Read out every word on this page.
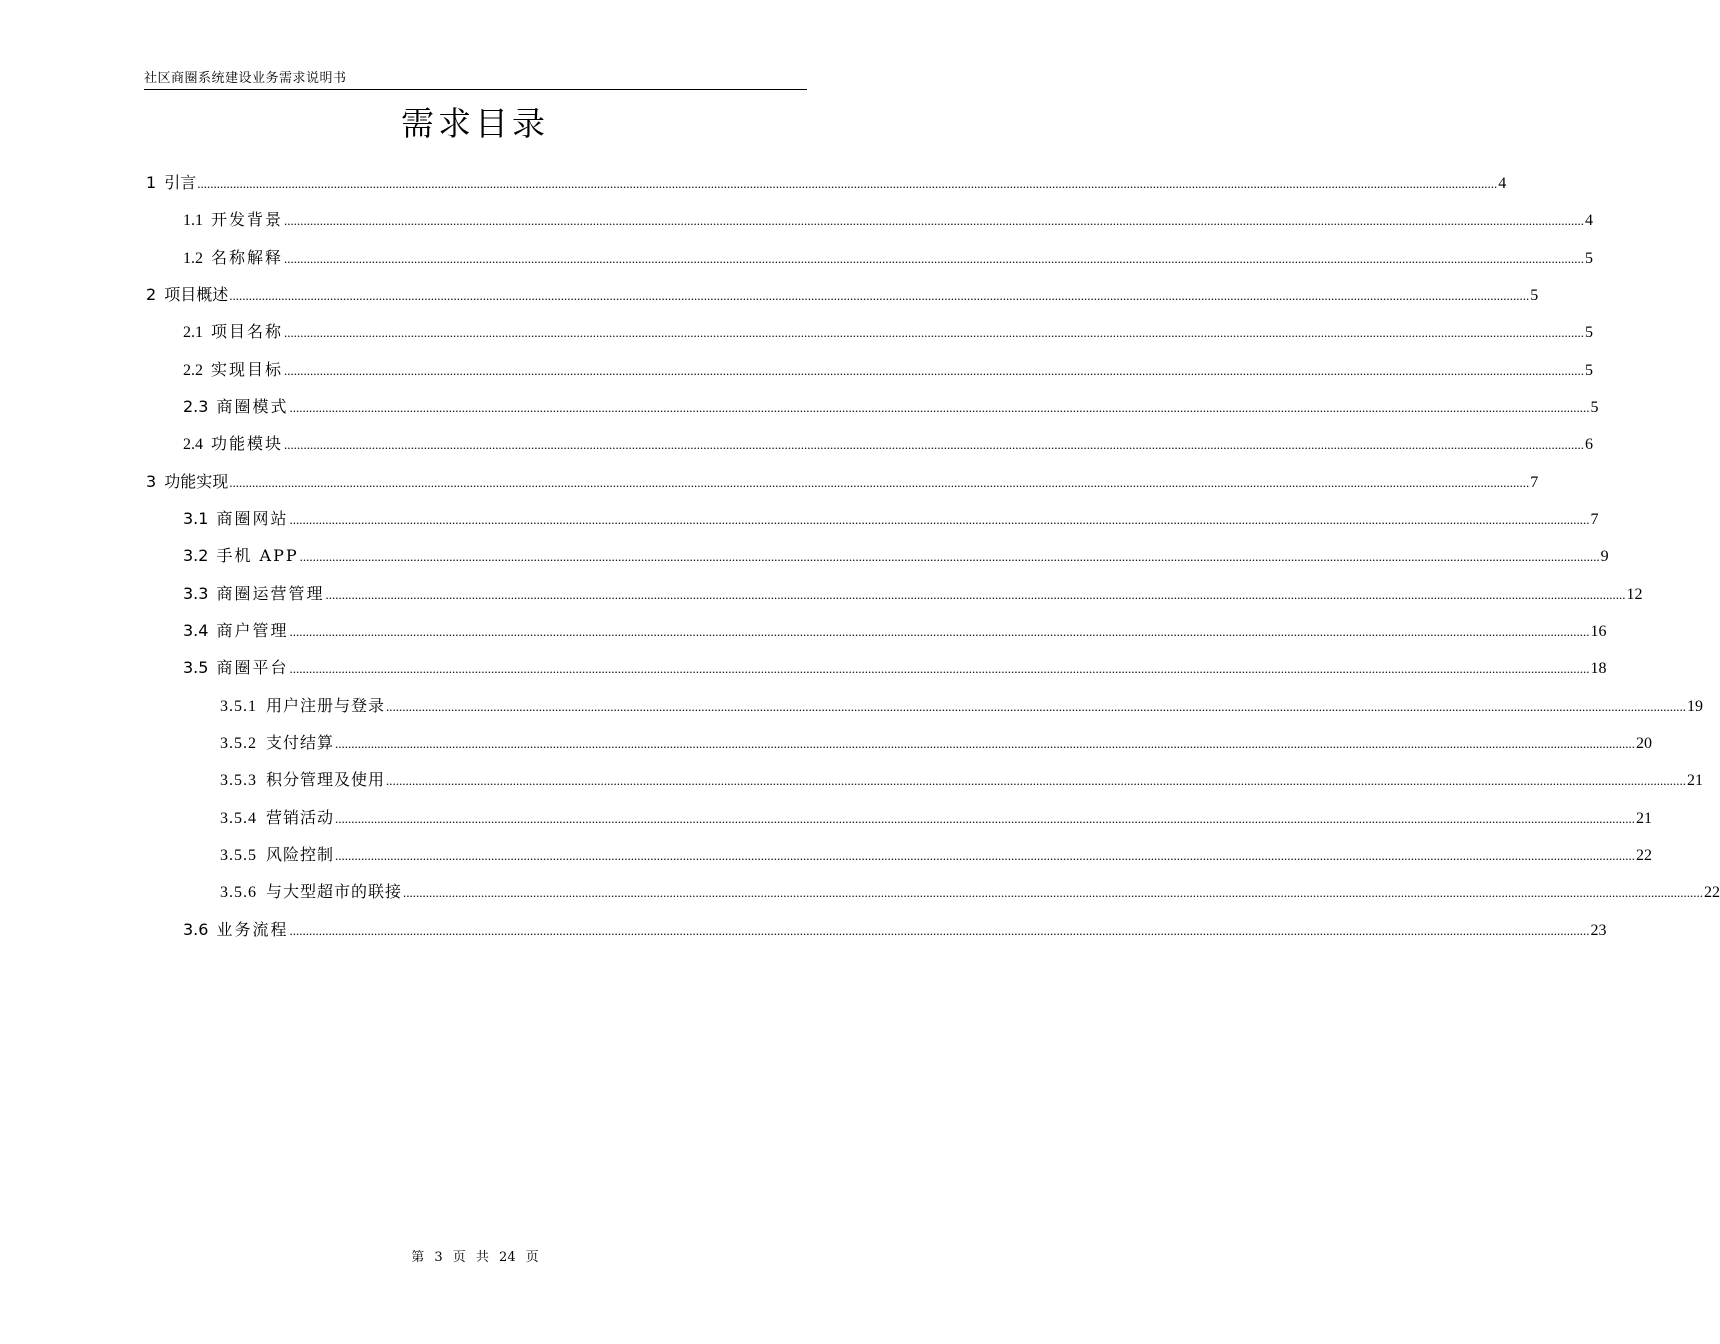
社区商圈系统建设业务需求说明书
需求目录
1  引言 ................................................................................................................................................................................................................................................................................................................................................................................................................ 4
1.1  开发背景 ................................................................................................................................................................................................................................................................................................................................................................................................................ 4
1.2  名称解释 ................................................................................................................................................................................................................................................................................................................................................................................................................ 5
2  项目概述 ................................................................................................................................................................................................................................................................................................................................................................................................................ 5
2.1  项目名称 ................................................................................................................................................................................................................................................................................................................................................................................................................ 5
2.2  实现目标 ................................................................................................................................................................................................................................................................................................................................................................................................................ 5
2.3  商圈模式 ................................................................................................................................................................................................................................................................................................................................................................................................................ 5
2.4  功能模块 ................................................................................................................................................................................................................................................................................................................................................................................................................ 6
3  功能实现 ................................................................................................................................................................................................................................................................................................................................................................................................................ 7
3.1  商圈网站 ................................................................................................................................................................................................................................................................................................................................................................................................................ 7
3.2  手机 APP ................................................................................................................................................................................................................................................................................................................................................................................................................ 9
3.3  商圈运营管理 ................................................................................................................................................................................................................................................................................................................................................................................................................ 12
3.4  商户管理 ................................................................................................................................................................................................................................................................................................................................................................................................................ 16
3.5  商圈平台 ................................................................................................................................................................................................................................................................................................................................................................................................................ 18
3.5.1  用户注册与登录 ................................................................................................................................................................................................................................................................................................................................................................................................................ 19
3.5.2  支付结算 ................................................................................................................................................................................................................................................................................................................................................................................................................ 20
3.5.3  积分管理及使用 ................................................................................................................................................................................................................................................................................................................................................................................................................ 21
3.5.4  营销活动 ................................................................................................................................................................................................................................................................................................................................................................................................................ 21
3.5.5  风险控制 ................................................................................................................................................................................................................................................................................................................................................................................................................ 22
3.5.6  与大型超市的联接 ................................................................................................................................................................................................................................................................................................................................................................................................................ 22
3.6  业务流程 ................................................................................................................................................................................................................................................................................................................................................................................................................ 23
第 3 页 共 24 页
